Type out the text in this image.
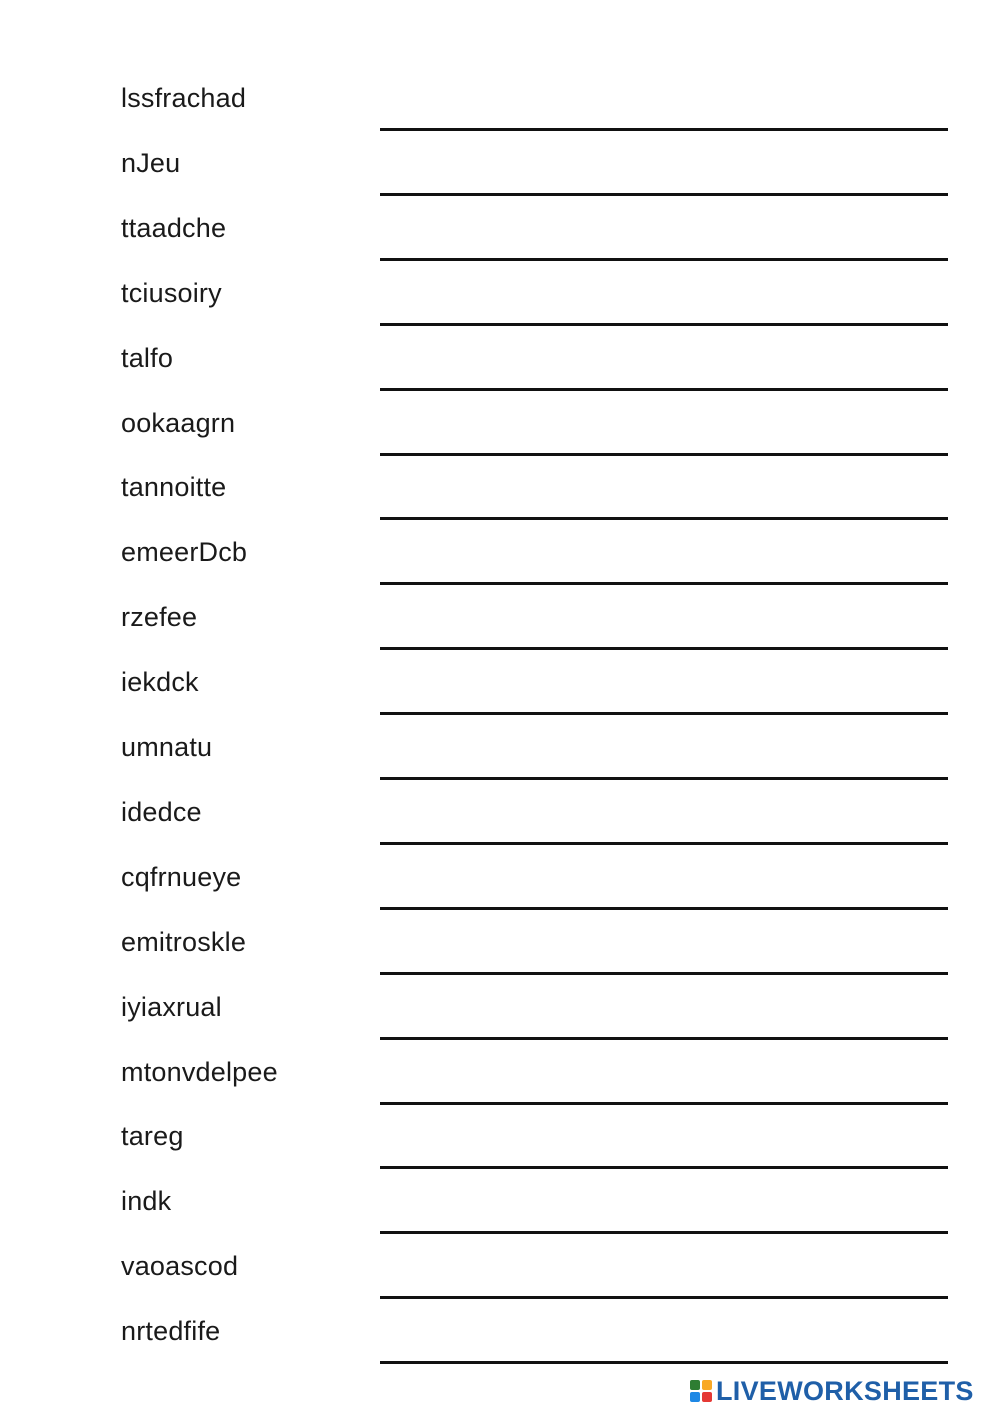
lssfrachad
nJeu
ttaadche
tciusoiry
talfo
ookaagrn
tannoitte
emeerDcb
rzefee
iekdck
umnatu
idedce
cqfrnueye
emitroskle
iyiaxrual
mtonvdelpee
tareg
indk
vaoascod
nrtedfife
LIVEWORKSHEETS
